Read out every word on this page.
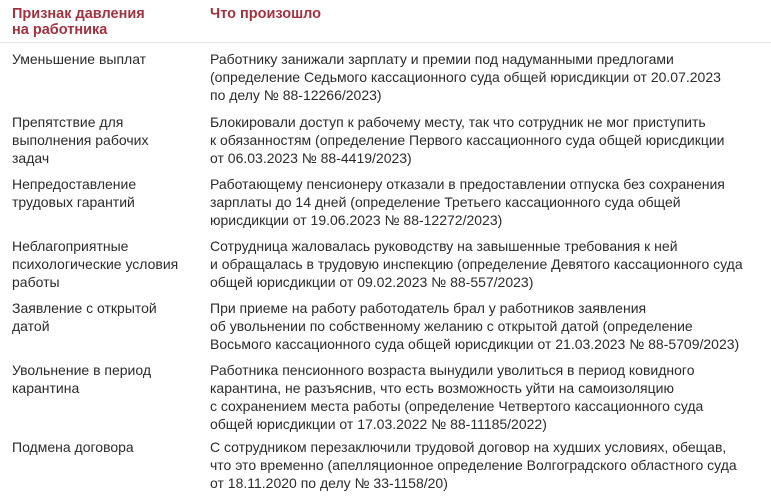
Признак давления
на работника
Что произошло
Уменьшение выплат	Работнику занижали зарплату и премии под надуманными предлогами
(определение Седьмого кассационного суда общей юрисдикции от 20.07.2023
по делу № 88-12266/2023)
Препятствие для
выполнения рабочих
задач
Блокировали доступ к рабочему месту, так что сотрудник не мог приступить
к обязанностям (определение Первого кассационного суда общей юрисдикции
от 06.03.2023 № 88-4419/2023)
Непредоставление
трудовых гарантий
Работающему пенсионеру отказали в предоставлении отпуска без сохранения
зарплаты до 14 дней (определение Третьего кассационного суда общей
юрисдикции от 19.06.2023 № 88-12272/2023)
Неблагоприятные
психологические условия
работы
Сотрудница жаловалась руководству на завышенные требования к ней
и обращалась в трудовую инспекцию (определение Девятого кассационного суда
общей юрисдикции от 09.02.2023 № 88-557/2023)
Заявление с открытой
датой
При приеме на работу работодатель брал у работников заявления
об увольнении по собственному желанию с открытой датой (определение
Восьмого кассационного суда общей юрисдикции от 21.03.2023 № 88-5709/2023)
Увольнение в период
карантина
Работника пенсионного возраста вынудили уволиться в период ковидного
карантина, не разъяснив, что есть возможность уйти на самоизоляцию
с сохранением места работы (определение Четвертого кассационного суда
общей юрисдикции от 17.03.2022 № 88-11185/2022)
Подмена договора	С сотрудником перезаключили трудовой договор на худших условиях, обещав,
что это временно (апелляционное определение Волгоградского областного суда
от 18.11.2020 по делу № 33-1158/20)
